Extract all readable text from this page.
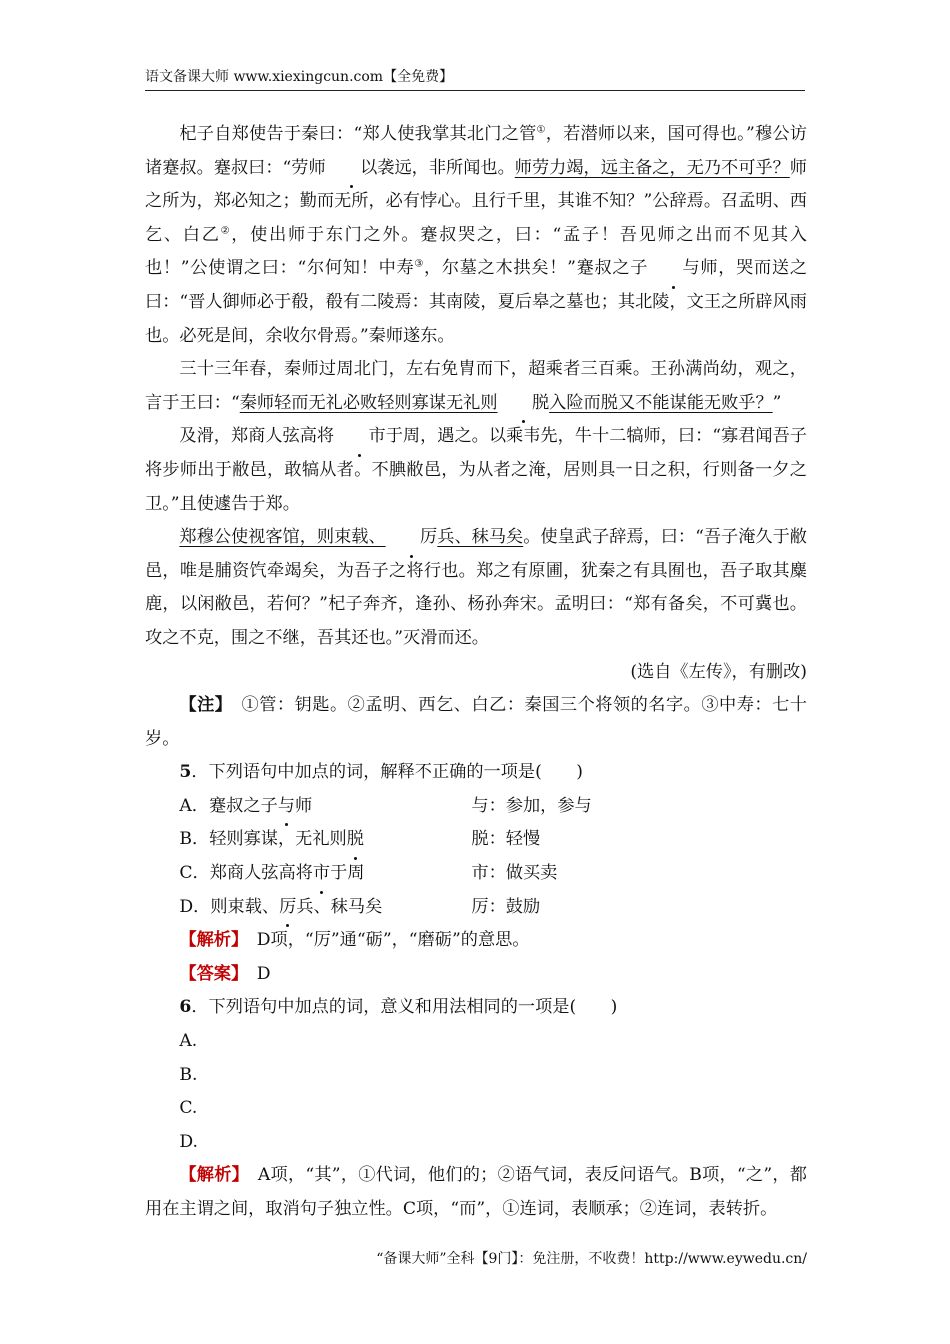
语文备课大师 www.xiexingcun.com【全免费】

杞子自郑使告于秦曰：“郑人使我掌其北门之管①，若潜师以来，国可得也。”穆公访诸蹇叔。蹇叔曰：“劳师 以袭远，非所闻也。师劳力竭，远主备之，无乃不可乎？师之所为，郑必知之；勤而无所，必有悖心。且行千里，其谁不知？”公辞焉。召孟明、西乞、白乙②，使出师于东门之外。蹇叔哭之，曰：“孟子！吾见师之出而不见其入也！”公使谓之曰：“尔何知！中寿③，尔墓之木拱矣！”蹇叔之子 与师，哭而送之曰：“晋人御师必于殽，殽有二陵焉：其南陵，夏后皋之墓也；其北陵，文王之所辟风雨也。必死是间，余收尔骨焉。”秦师遂东。

三十三年春，秦师过周北门，左右免胄而下，超乘者三百乘。王孙满尚幼，观之，言于王曰：“秦师轻而无礼必败轻则寡谋无礼则 脱入险而脱又不能谋能无败乎？”

及滑，郑商人弦高将 市于周，遇之。以乘韦先，牛十二犒师，曰：“寡君闻吾子将步师出于敝邑，敢犒从者。不腆敝邑，为从者之淹，居则具一日之积，行则备一夕之卫。”且使遽告于郑。

郑穆公使视客馆，则束载、 厉兵、秣马矣。使皇武子辞焉，曰：“吾子淹久于敝邑，唯是脯资饩牵竭矣，为吾子之将行也。郑之有原圃，犹秦之有具囿也，吾子取其麋鹿，以闲敝邑，若何？”杞子奔齐，逢孙、杨孙奔宋。孟明曰：“郑有备矣，不可冀也。攻之不克，围之不继，吾其还也。”灭滑而还。

(选自《左传》，有删改)

【注】　 ①管：钥匙。②孟明、西乞、白乙：秦国三个将领的名字。③中寿：七十岁。

5．下列语句中加点的词，解释不正确的一项是(　　)

A．蹇叔之子与师	与：参加，参与
B．轻则寡谋，无礼则脱	脱：轻慢
C．郑商人弦高将市于周	市：做买卖
D．则束载、厉兵、秣马矣	厉：鼓励

【解析】　 D项，“厉”通“砺”，“磨砺”的意思。

【答案】　 D

6．下列语句中加点的词，意义和用法相同的一项是(　　)

A.

B.

C.

D.

【解析】　 A项，“其”，①代词，他们的；②语气词，表反问语气。B项，“之”，都用在主谓之间，取消句子独立性。C项，“而”，①连词，表顺承；②连词，表转折。

“备课大师”全科【9门】：免注册，不收费！http://www.eywedu.cn/
